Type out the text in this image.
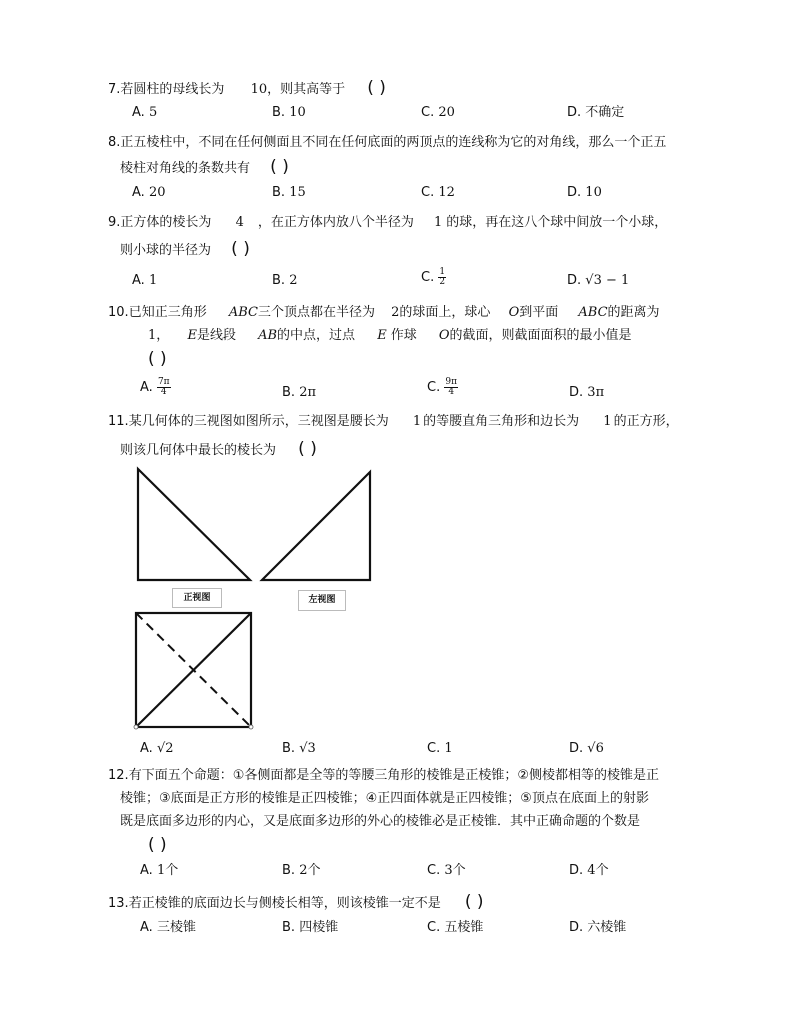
7.若圆柱的母线长为 10，则其高等于 ( )
A. 5	B. 10	C. 20	D. 不确定
8.正五棱柱中，不同在任何侧面且不同在任何底面的两顶点的连线称为它的对角线，那么一个正五
棱柱对角线的条数共有 ( )
A. 20	B. 15	C. 12	D. 10
9.正方体的棱长为 4 ，在正方体内放八个半径为 1 的球，再在这八个球中间放一个小球，
则小球的半径为 ( )
A. 1	B. 2	C. $\frac{1}{2}$	D. √3 − 1
10.已知正三角形 ABC三个顶点都在半径为 2的球面上，球心 O到平面 ABC的距离为
1， E是线段 AB的中点，过点 E 作球 O的截面，则截面面积的最小值是
( )
A. $\frac{7\pi}{4}$	B. 2π	C. $\frac{9\pi}{4}$	D. 3π
11.某几何体的三视图如图所示，三视图是腰长为 1 的等腰直角三角形和边长为 1 的正方形，
则该几何体中最长的棱长为 ( )
正视图	左视图
A. √2	B. √3	C. 1	D. √6
12.有下面五个命题：①各侧面都是全等的等腰三角形的棱锥是正棱锥；②侧棱都相等的棱锥是正
棱锥；③底面是正方形的棱锥是正四棱锥；④正四面体就是正四棱锥；⑤顶点在底面上的射影
既是底面多边形的内心，又是底面多边形的外心的棱锥必是正棱锥．其中正确命题的个数是
( )
A. 1个	B. 2个	C. 3个	D. 4个
13.若正棱锥的底面边长与侧棱长相等，则该棱锥一定不是 ( )
A. 三棱锥	B. 四棱锥	C. 五棱锥	D. 六棱锥
